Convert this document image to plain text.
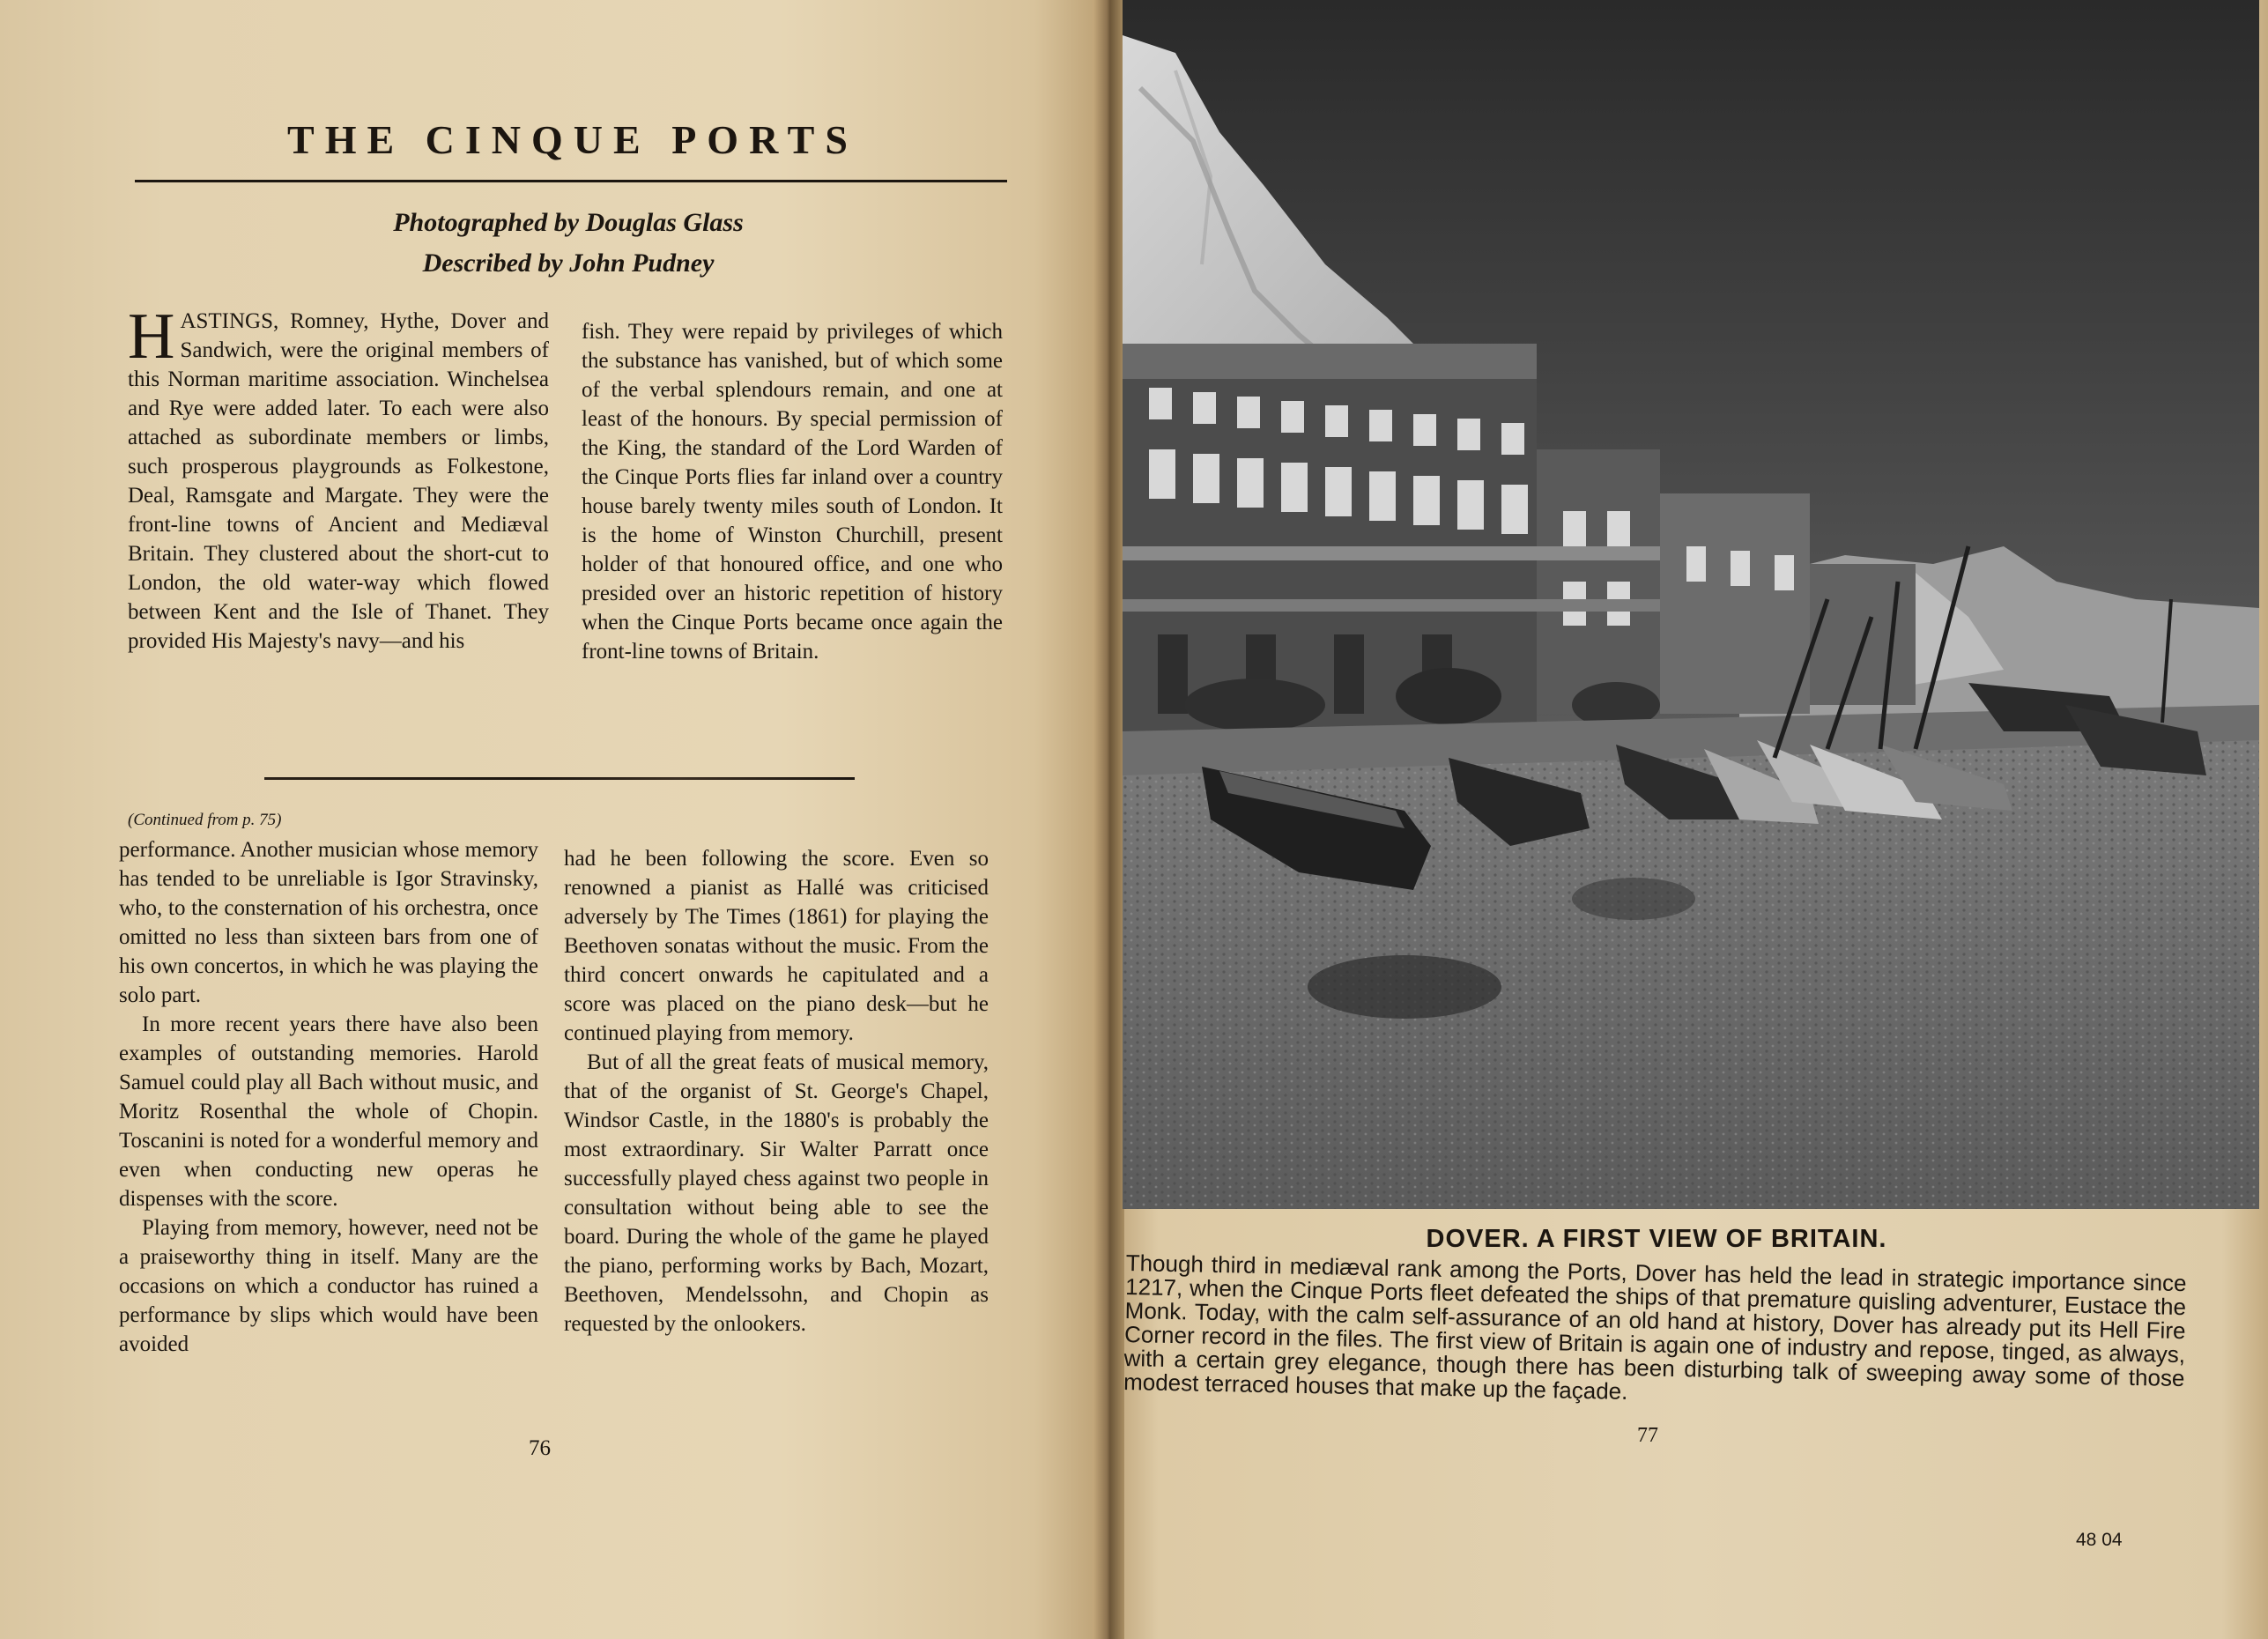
THE CINQUE PORTS
Photographed by Douglas Glass
Described by John Pudney
HASTINGS, Romney, Hythe, Dover and Sandwich, were the original members of this Norman maritime association. Winchelsea and Rye were added later. To each were also attached as subordinate members or limbs, such prosperous playgrounds as Folkestone, Deal, Ramsgate and Margate. They were the front-line towns of Ancient and Mediæval Britain. They clustered about the short-cut to London, the old water-way which flowed between Kent and the Isle of Thanet. They provided His Majesty's navy—and his
fish. They were repaid by privileges of which the substance has vanished, but of which some of the verbal splendours remain, and one at least of the honours. By special permission of the King, the standard of the Lord Warden of the Cinque Ports flies far inland over a country house barely twenty miles south of London. It is the home of Winston Churchill, present holder of that honoured office, and one who presided over an historic repetition of history when the Cinque Ports became once again the front-line towns of Britain.
(Continued from p. 75)

performance. Another musician whose memory has tended to be unreliable is Igor Stravinsky, who, to the consternation of his orchestra, once omitted no less than sixteen bars from one of his own concertos, in which he was playing the solo part.

In more recent years there have also been examples of outstanding memories. Harold Samuel could play all Bach without music, and Moritz Rosenthal the whole of Chopin. Toscanini is noted for a wonderful memory and even when conducting new operas he dispenses with the score.

Playing from memory, however, need not be a praiseworthy thing in itself. Many are the occasions on which a conductor has ruined a performance by slips which would have been avoided

had he been following the score. Even so renowned a pianist as Hallé was criticised adversely by The Times (1861) for playing the Beethoven sonatas without the music. From the third concert onwards he capitulated and a score was placed on the piano desk—but he continued playing from memory.

But of all the great feats of musical memory, that of the organist of St. George's Chapel, Windsor Castle, in the 1880's is probably the most extraordinary. Sir Walter Parratt once successfully played chess against two people in consultation without being able to see the board. During the whole of the game he played the piano, performing works by Bach, Mozart, Beethoven, Mendelssohn, and Chopin as requested by the onlookers.

76
DOVER. A FIRST VIEW OF BRITAIN.
Though third in mediæval rank among the Ports, Dover has held the lead in strategic importance since 1217, when the Cinque Ports fleet defeated the ships of that premature quisling adventurer, Eustace the Monk. Today, with the calm self-assurance of an old hand at history, Dover has already put its Hell Fire Corner record in the files. The first view of Britain is again one of industry and repose, tinged, as always, with a certain grey elegance, though there has been disturbing talk of sweeping away some of those modest terraced houses that make up the façade.
77
48 04
